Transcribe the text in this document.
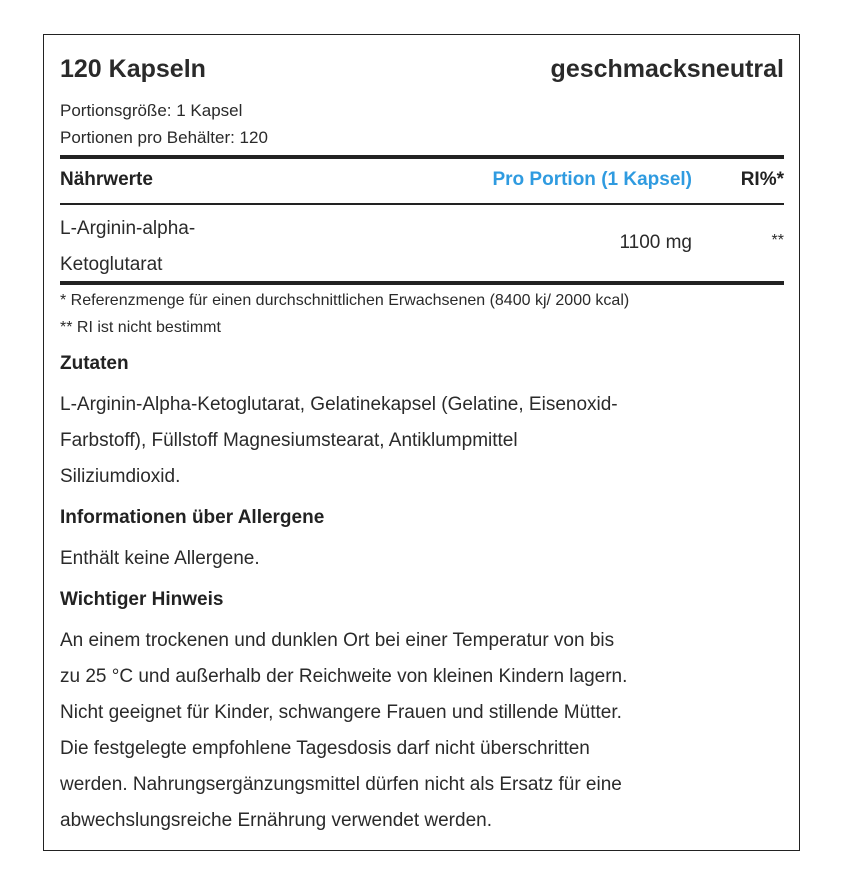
120 Kapseln	geschmacksneutral
Portionsgröße: 1 Kapsel
Portionen pro Behälter: 120
Nährwerte	Pro Portion (1 Kapsel)	RI%*
L-Arginin-alpha-
Ketoglutarat
1100 mg	**
* Referenzmenge für einen durchschnittlichen Erwachsenen (8400 kj/ 2000 kcal)
** RI ist nicht bestimmt
Zutaten
L-Arginin-Alpha-Ketoglutarat, Gelatinekapsel (Gelatine, Eisenoxid-
Farbstoff), Füllstoff Magnesiumstearat, Antiklumpmittel
Siliziumdioxid.
Informationen über Allergene
Enthält keine Allergene.
Wichtiger Hinweis
An einem trockenen und dunklen Ort bei einer Temperatur von bis
zu 25 °C und außerhalb der Reichweite von kleinen Kindern lagern.
Nicht geeignet für Kinder, schwangere Frauen und stillende Mütter.
Die festgelegte empfohlene Tagesdosis darf nicht überschritten
werden. Nahrungsergänzungsmittel dürfen nicht als Ersatz für eine
abwechslungsreiche Ernährung verwendet werden.
